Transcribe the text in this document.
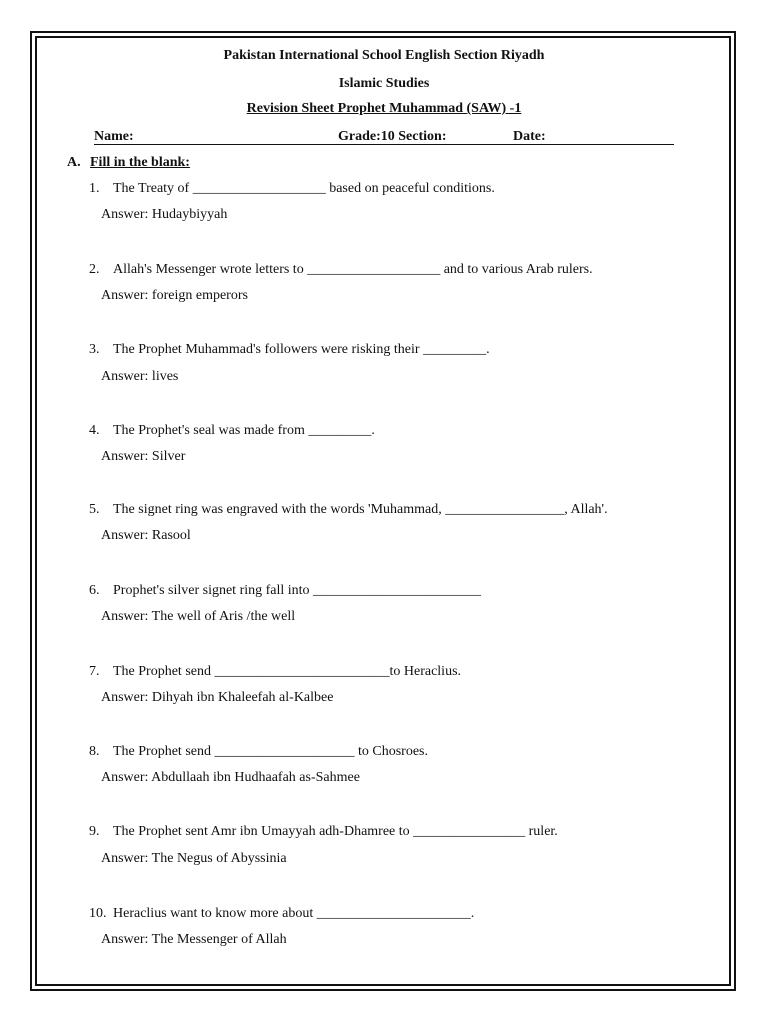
Pakistan International School English Section Riyadh
Islamic Studies
Revision Sheet Prophet Muhammad (SAW) -1
Name:	Grade:10 Section:	Date:
A. Fill in the blank:
1. The Treaty of ___________________ based on peaceful conditions.
Answer: Hudaybiyyah
2. Allah's Messenger wrote letters to ___________________ and to various Arab rulers.
Answer: foreign emperors
3. The Prophet Muhammad's followers were risking their _________.
Answer: lives
4. The Prophet's seal was made from _________.
Answer: Silver
5. The signet ring was engraved with the words 'Muhammad, _________________, Allah'.
Answer: Rasool
6. Prophet's silver signet ring fall into ________________________
Answer: The well of Aris /the well
7. The Prophet send _________________________to Heraclius.
Answer: Dihyah ibn Khaleefah al-Kalbee
8. The Prophet send ____________________ to Chosroes.
Answer: Abdullaah ibn Hudhaafah as-Sahmee
9. The Prophet sent Amr ibn Umayyah adh-Dhamree to ________________ ruler.
Answer: The Negus of Abyssinia
10. Heraclius want to know more about ______________________.
Answer: The Messenger of Allah
